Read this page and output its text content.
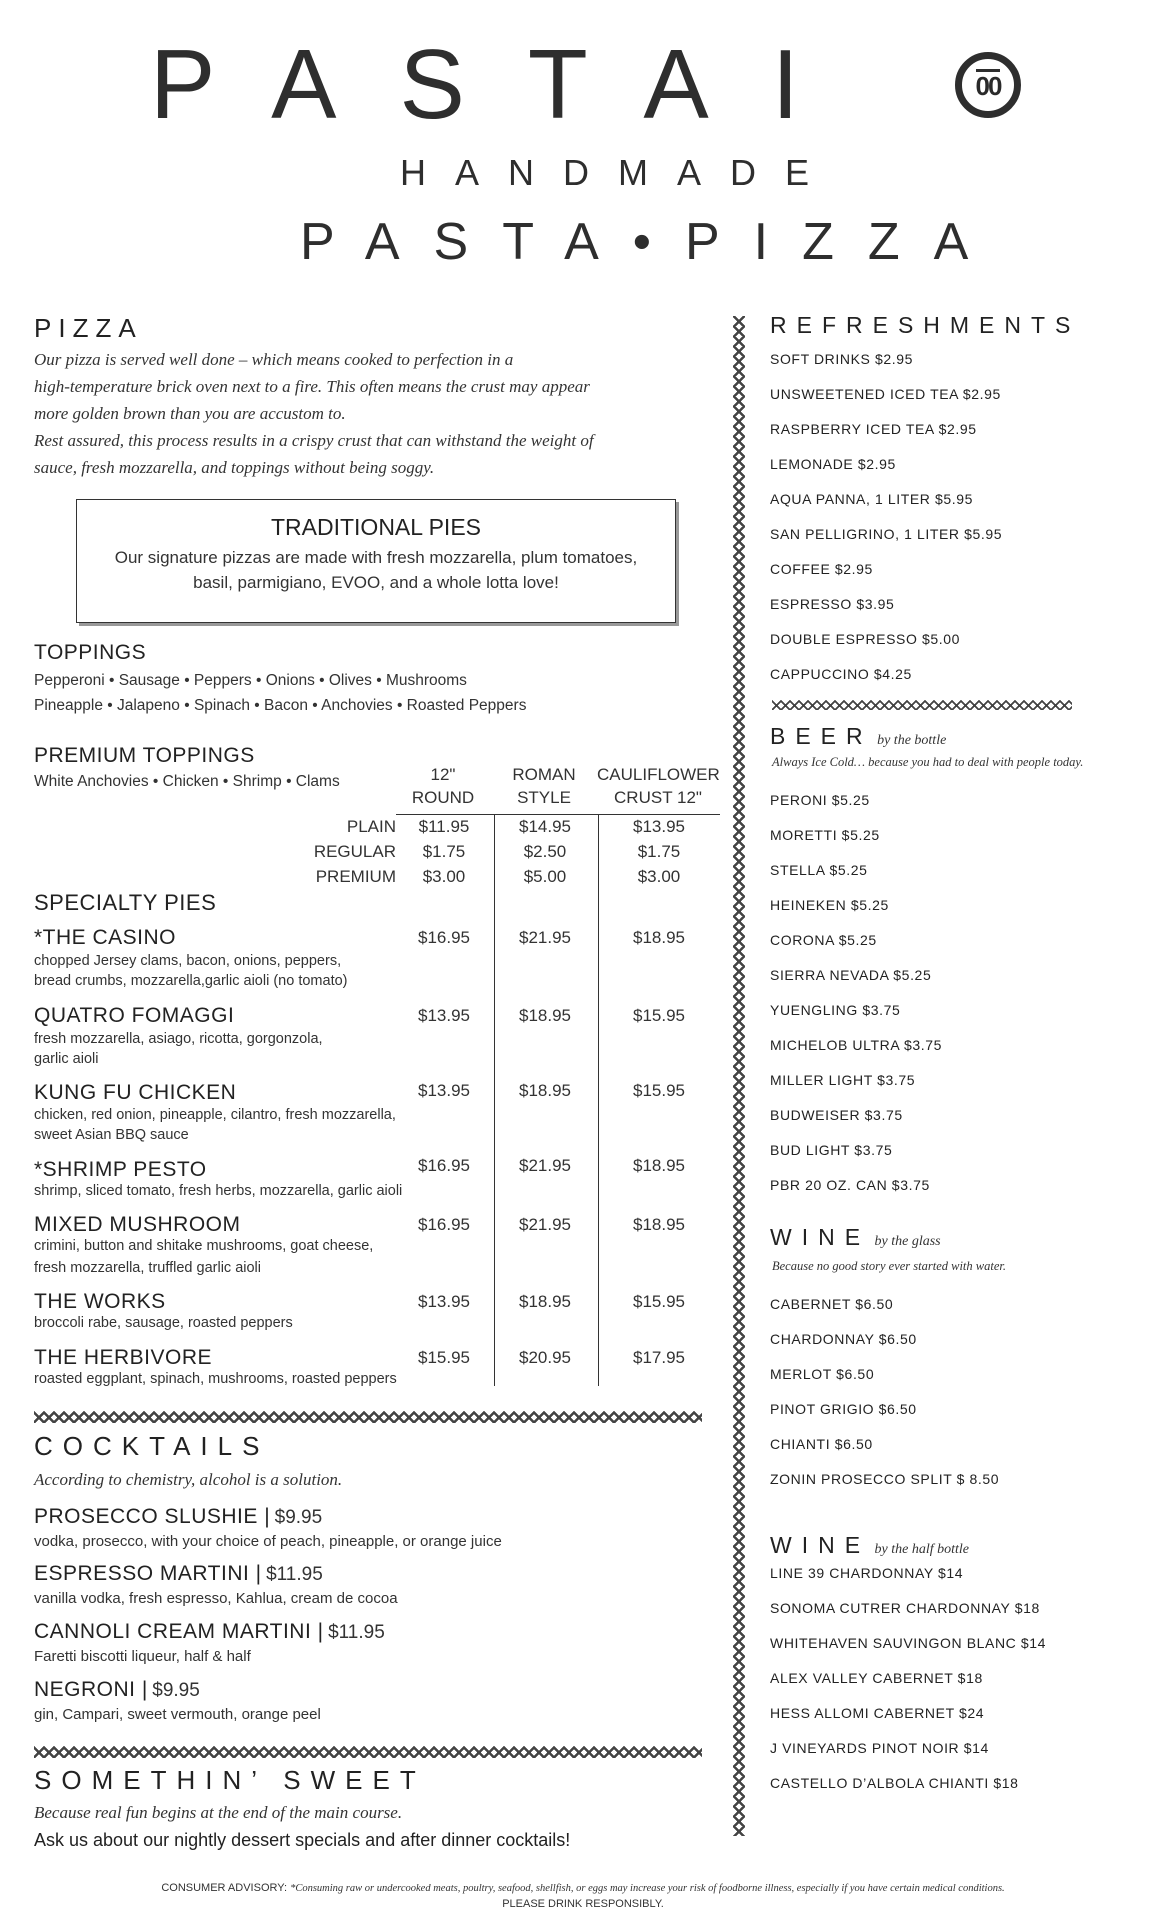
PASTAI	00
HANDMADE
PASTA•PIZZA
PIZZA
Our pizza is served well done – which means cooked to perfection in a
high-temperature brick oven next to a fire. This often means the crust may appear
more golden brown than you are accustom to.
Rest assured, this process results in a crispy crust that can withstand the weight of
sauce, fresh mozzarella, and toppings without being soggy.
TRADITIONAL PIES
Our signature pizzas are made with fresh mozzarella, plum tomatoes,
basil, parmigiano, EVOO, and a whole lotta love!
TOPPINGS
Pepperoni • Sausage • Peppers • Onions • Olives • Mushrooms
Pineapple • Jalapeno • Spinach • Bacon • Anchovies • Roasted Peppers
PREMIUM TOPPINGS
White Anchovies • Chicken • Shrimp • Clams	12"
ROUND
ROMAN
STYLE
CAULIFLOWER
CRUST 12"
PLAIN	$11.95	$14.95	$13.95
REGULAR	$1.75	$2.50	$1.75
PREMIUM	$3.00	$5.00	$3.00
SPECIALTY PIES
*THE CASINO
chopped Jersey clams, bacon, onions, peppers,
bread crumbs, mozzarella,garlic aioli (no tomato)
$16.95	$21.95	$18.95
QUATRO FOMAGGI
fresh mozzarella, asiago, ricotta, gorgonzola,
garlic aioli
$13.95	$18.95	$15.95
KUNG FU CHICKEN
chicken, red onion, pineapple, cilantro, fresh mozzarella,
sweet Asian BBQ sauce
$13.95	$18.95	$15.95
*SHRIMP PESTO
shrimp, sliced tomato, fresh herbs, mozzarella, garlic aioli
$16.95	$21.95	$18.95
MIXED MUSHROOM
crimini, button and shitake mushrooms, goat cheese,
fresh mozzarella, truffled garlic aioli
$16.95	$21.95	$18.95
THE WORKS
broccoli rabe, sausage, roasted peppers
$13.95	$18.95	$15.95
THE HERBIVORE
roasted eggplant, spinach, mushrooms, roasted peppers
$15.95	$20.95	$17.95
COCKTAILS
According to chemistry, alcohol is a solution.
PROSECCO SLUSHIE | $9.95
vodka, prosecco, with your choice of peach, pineapple, or orange juice
ESPRESSO MARTINI | $11.95
vanilla vodka, fresh espresso, Kahlua, cream de cocoa
CANNOLI CREAM MARTINI | $11.95
Faretti biscotti liqueur, half & half
NEGRONI | $9.95
gin, Campari, sweet vermouth, orange peel
SOMETHIN’ SWEET
Because real fun begins at the end of the main course.
Ask us about our nightly dessert specials and after dinner cocktails!
REFRESHMENTS
SOFT DRINKS $2.95
UNSWEETENED ICED TEA $2.95
RASPBERRY ICED TEA $2.95
LEMONADE $2.95
AQUA PANNA, 1 LITER $5.95
SAN PELLIGRINO, 1 LITER $5.95
COFFEE $2.95
ESPRESSO $3.95
DOUBLE ESPRESSO $5.00
CAPPUCCINO $4.25
BEER by the bottle
Always Ice Cold… because you had to deal with people today.
PERONI $5.25
MORETTI $5.25
STELLA $5.25
HEINEKEN $5.25
CORONA $5.25
SIERRA NEVADA $5.25
YUENGLING $3.75
MICHELOB ULTRA $3.75
MILLER LIGHT $3.75
BUDWEISER $3.75
BUD LIGHT $3.75
PBR 20 OZ. CAN $3.75
WINE by the glass
Because no good story ever started with water.
CABERNET $6.50
CHARDONNAY $6.50
MERLOT $6.50
PINOT GRIGIO $6.50
CHIANTI $6.50
ZONIN PROSECCO SPLIT $ 8.50
WINE by the half bottle
LINE 39 CHARDONNAY $14
SONOMA CUTRER CHARDONNAY $18
WHITEHAVEN SAUVINGON BLANC $14
ALEX VALLEY CABERNET $18
HESS ALLOMI CABERNET $24
J VINEYARDS PINOT NOIR $14
CASTELLO D’ALBOLA CHIANTI $18
CONSUMER ADVISORY: *Consuming raw or undercooked meats, poultry, seafood, shellfish, or eggs may increase your risk of foodborne illness, especially if you have certain medical conditions.
PLEASE DRINK RESPONSIBLY.
